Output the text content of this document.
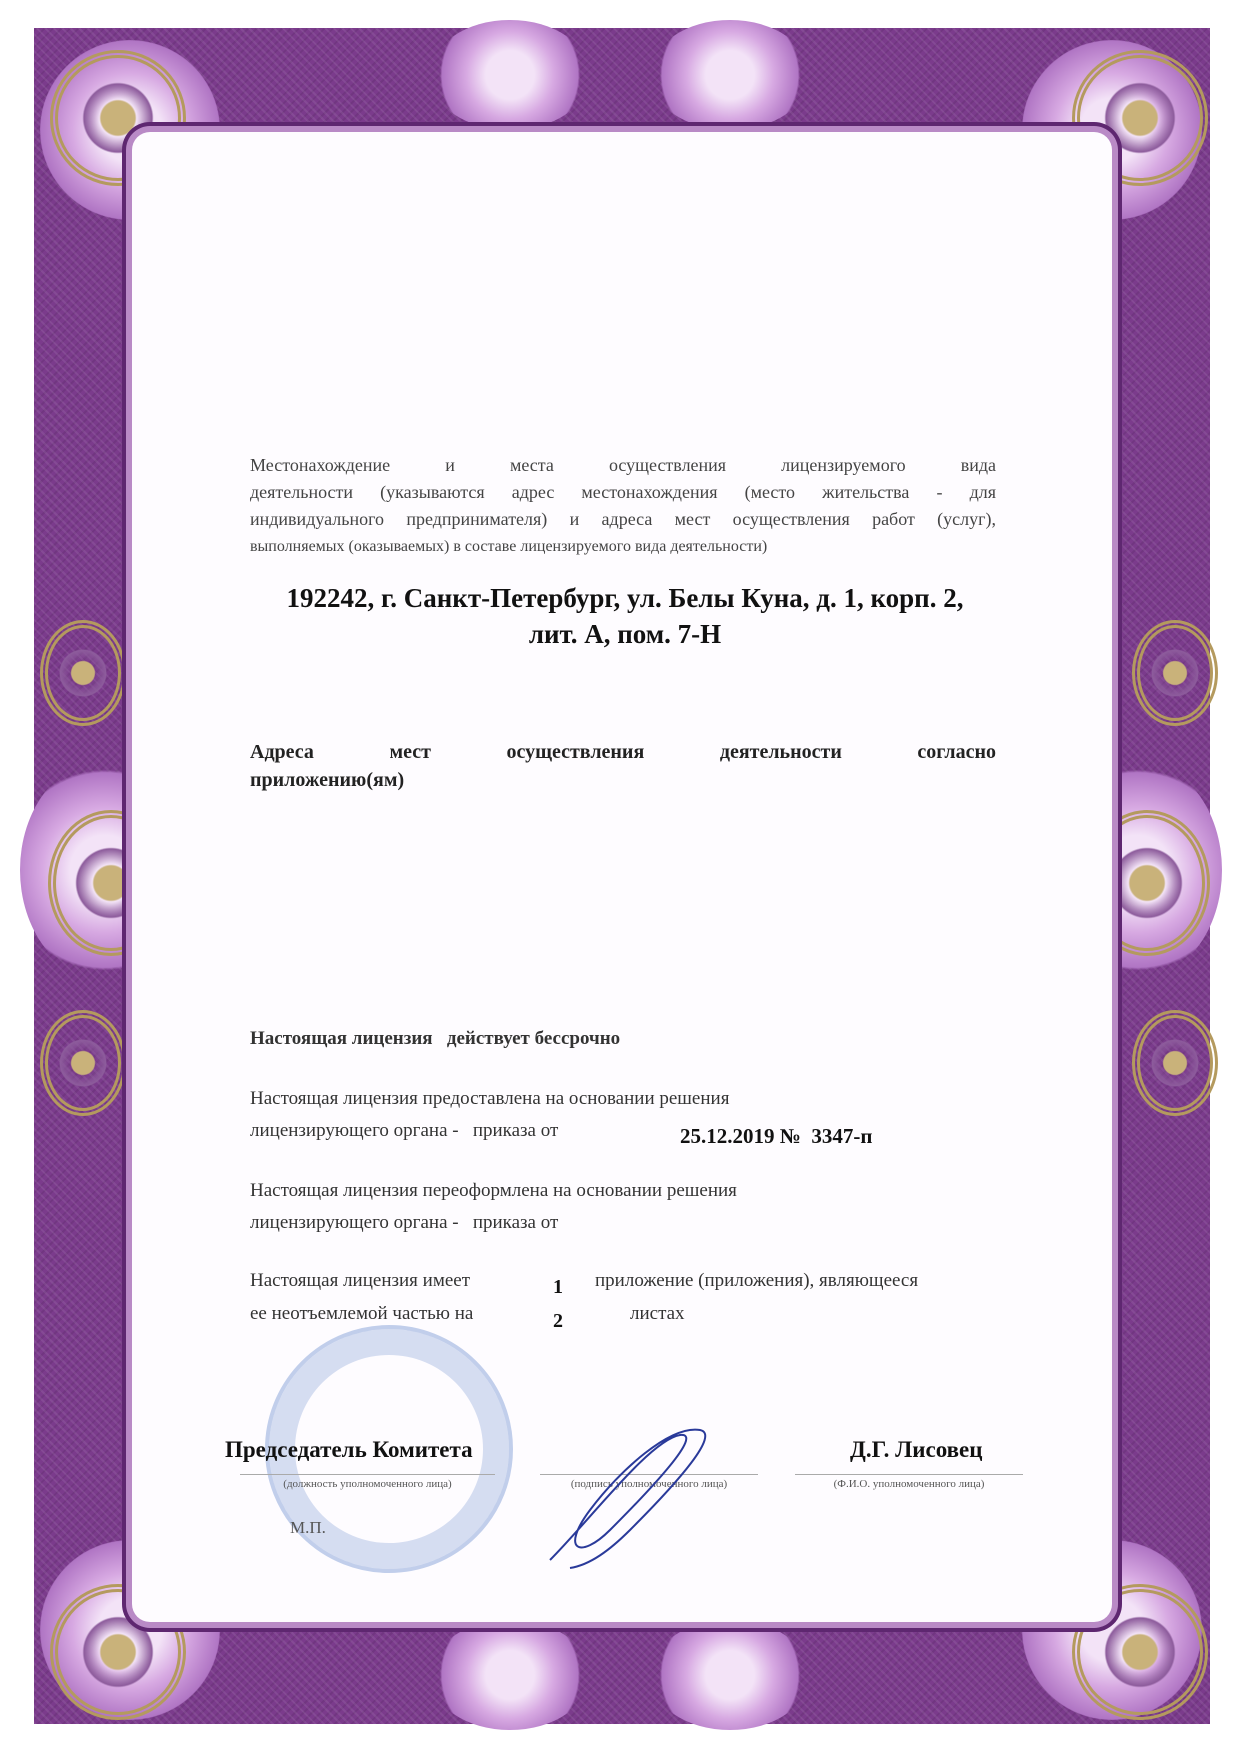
Местонахождение и места осуществления лицензируемого вида
деятельности (указываются адрес местонахождения (место жительства - для
индивидуального предпринимателя) и адреса мест осуществления работ (услуг),
выполняемых (оказываемых) в составе лицензируемого вида деятельности)
192242, г. Санкт-Петербург, ул. Белы Куна, д. 1, корп. 2,
лит. А, пом. 7-Н
Адреса мест осуществления деятельности согласно
приложению(ям)
Настоящая лицензия   действует бессрочно
Настоящая лицензия предоставлена на основании решения
лицензирующего органа -   приказа от	25.12.2019 №  3347-п
Настоящая лицензия переоформлена на основании решения
лицензирующего органа -   приказа от
Настоящая лицензия имеет	1 приложение (приложения), являющееся
ее неотъемлемой частью на	2	листах
Председатель Комитета	Д.Г. Лисовец
(должность уполномоченного лица)	(подпись уполномоченного лица)	(Ф.И.О. уполномоченного лица)
М.П.
